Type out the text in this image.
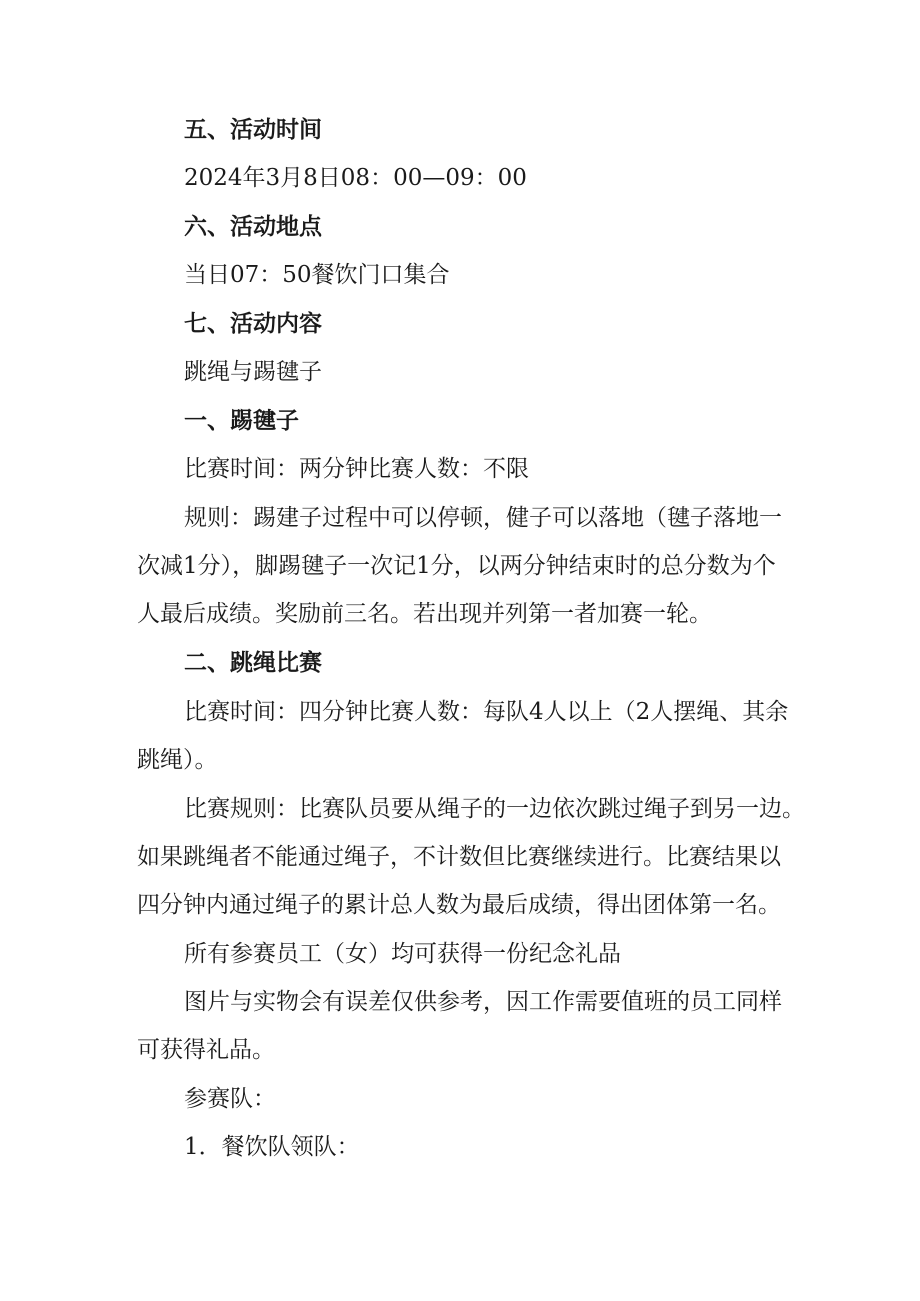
五、活动时间
2024年3月8日08：00—09：00
六、活动地点
当日07：50餐饮门口集合
七、活动内容
跳绳与踢毽子
一、踢毽子
比赛时间：两分钟比赛人数：不限
规则：踢建子过程中可以停顿，健子可以落地（毽子落地一
次减1分），脚踢毽子一次记1分，以两分钟结束时的总分数为个
人最后成绩。奖励前三名。若出现并列第一者加赛一轮。
二、跳绳比赛
比赛时间：四分钟比赛人数：每队4人以上（2人摆绳、其余
跳绳）。
比赛规则：比赛队员要从绳子的一边依次跳过绳子到另一边。
如果跳绳者不能通过绳子，不计数但比赛继续进行。比赛结果以
四分钟内通过绳子的累计总人数为最后成绩，得出团体第一名。
所有参赛员工（女）均可获得一份纪念礼品
图片与实物会有误差仅供参考，因工作需要值班的员工同样
可获得礼品。
参赛队：
1．餐饮队领队：
